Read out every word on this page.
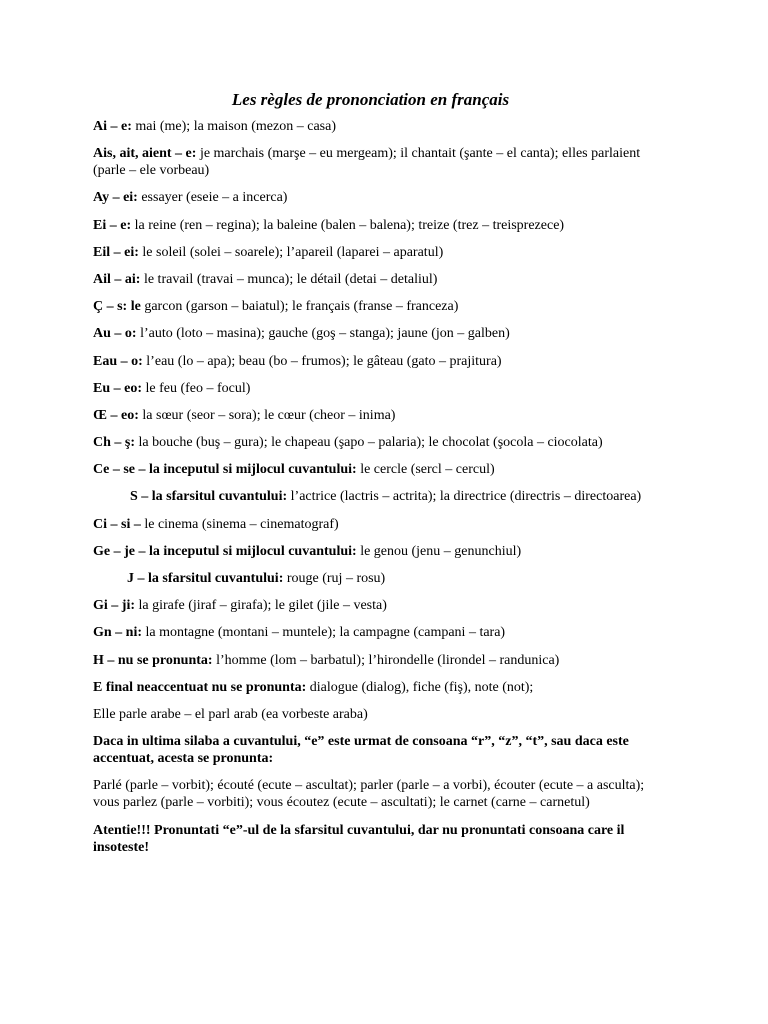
Les règles de prononciation en français
Ai – e: mai (me); la maison (mezon – casa)
Ais, ait, aient – e: je marchais (marşe – eu mergeam); il chantait (şante – el canta); elles parlaient (parle – ele vorbeau)
Ay – ei: essayer (eseie – a incerca)
Ei – e: la reine (ren – regina); la baleine (balen – balena); treize (trez – treisprezece)
Eil – ei: le soleil (solei – soarele); l’apareil (laparei – aparatul)
Ail – ai: le travail (travai – munca); le détail (detai – detaliul)
Ç – s: le garcon (garson – baiatul); le français (franse – franceza)
Au – o: l’auto (loto – masina); gauche (goş – stanga); jaune (jon – galben)
Eau – o: l’eau (lo – apa); beau (bo – frumos); le gâteau (gato – prajitura)
Eu – eo: le feu (feo – focul)
Œ – eo: la sœur (seor – sora); le cœur (cheor – inima)
Ch – ş: la bouche (buş – gura); le chapeau (şapo – palaria); le chocolat (şocola – ciocolata)
Ce – se – la inceputul si mijlocul cuvantului: le cercle (sercl – cercul)
S – la sfarsitul cuvantului: l’actrice (lactris – actrita); la directrice (directris – directoarea)
Ci – si – le cinema (sinema – cinematograf)
Ge – je – la inceputul si mijlocul cuvantului: le genou (jenu – genunchiul)
J – la sfarsitul cuvantului: rouge (ruj – rosu)
Gi – ji: la girafe (jiraf – girafa); le gilet (jile – vesta)
Gn – ni: la montagne (montani – muntele); la campagne (campani – tara)
H – nu se pronunta: l’homme (lom – barbatul); l’hirondelle (lirondel – randunica)
E final neaccentuat nu se pronunta: dialogue (dialog), fiche (fiş), note (not);
Elle parle arabe – el parl arab (ea vorbeste araba)
Daca in ultima silaba a cuvantului, “e” este urmat de consoana “r”, “z”, “t”, sau daca este accentuat, acesta se pronunta:
Parlé (parle – vorbit); écouté (ecute – ascultat); parler (parle – a vorbi), écouter (ecute – a asculta); vous parlez (parle – vorbiti); vous écoutez (ecute – ascultati); le carnet (carne – carnetul)
Atentie!!! Pronuntati “e”-ul de la sfarsitul cuvantului, dar nu pronuntati consoana care il insoteste!
